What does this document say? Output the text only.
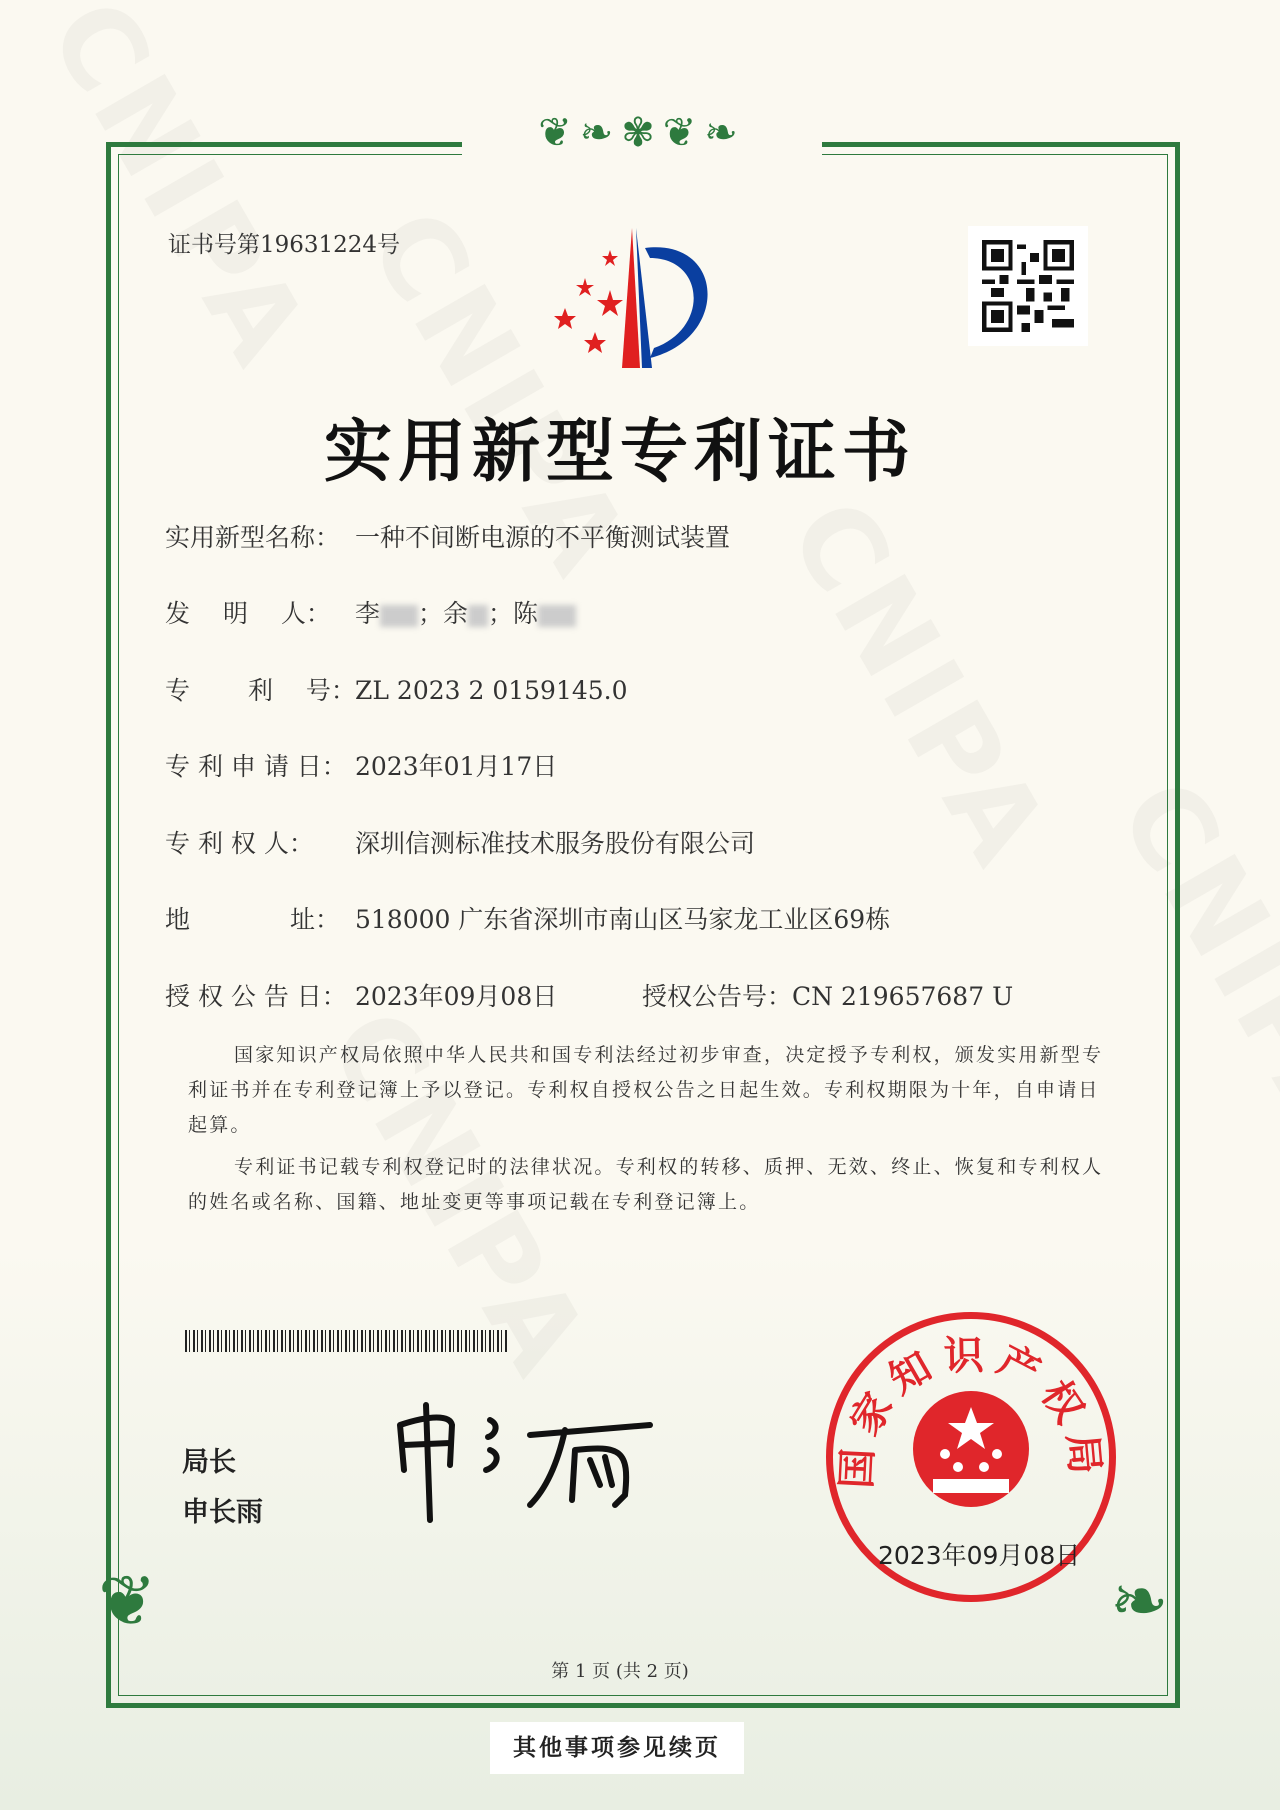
❦❧✾❦❧
❦	❧
证书号第19631224号
实用新型专利证书
实用新型名称： 一种不间断电源的不平衡测试装置
发　 明 　人： 李 ；余 ；陈
专　 　利 　号：ZL 2023 2 0159145.0
专 利 申 请 日： 2023年01月17日
专 利 权 人： 深圳信测标准技术服务股份有限公司
地　　　　址： 518000 广东省深圳市南山区马家龙工业区69栋
授 权 公 告 日： 2023年09月08日	授权公告号：CN 219657687 U
国家知识产权局依照中华人民共和国专利法经过初步审查，决定授予专利权，颁发实用新型专利证书并在专利登记簿上予以登记。专利权自授权公告之日起生效。专利权期限为十年，自申请日起算。
专利证书记载专利权登记时的法律状况。专利权的转移、质押、无效、终止、恢复和专利权人的姓名或名称、国籍、地址变更等事项记载在专利登记簿上。
局长
申长雨
国家知识产权局
2023年09月08日
第 1 页 (共 2 页)
其他事项参见续页
